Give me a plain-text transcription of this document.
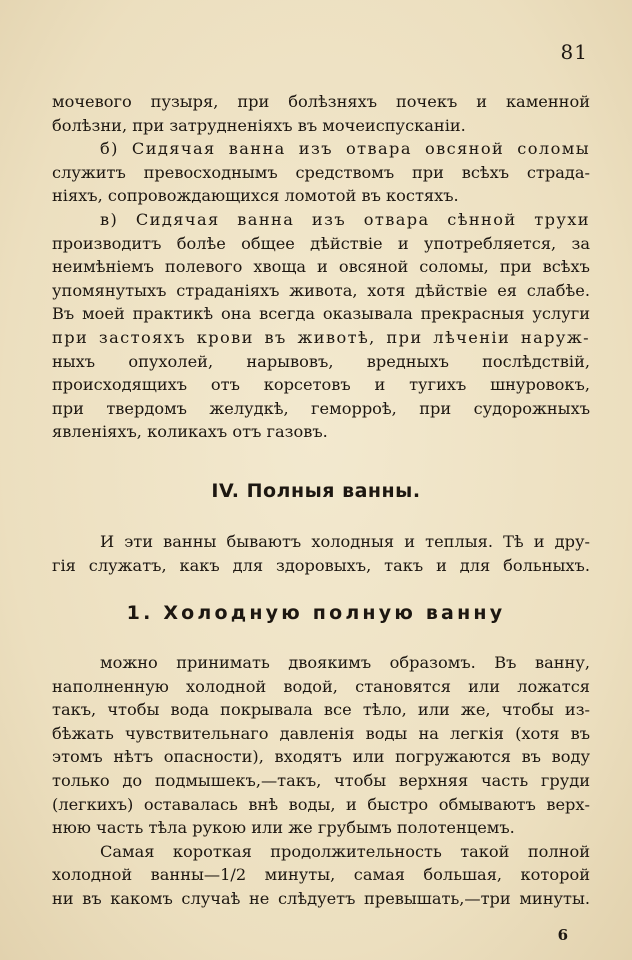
81
мочевого пузыря, при болѣзняхъ почекъ и каменной
болѣзни, при затрудненіяхъ въ мочеиспусканіи.
б) Сидячая ванна изъ отвара овсяной соломы
служитъ превосходнымъ средствомъ при всѣхъ страда-
ніяхъ, сопровождающихся ломотой въ костяхъ.
в) Сидячая ванна изъ отвара сѣнной трухи
производитъ болѣе общее дѣйствіе и употребляется, за
неимѣніемъ полевого хвоща и овсяной соломы, при всѣхъ
упомянутыхъ страданіяхъ живота, хотя дѣйствіе ея слабѣе.
Въ моей практикѣ она всегда оказывала прекрасныя услуги
при застояхъ крови въ животѣ, при лѣченіи наруж-
ныхъ опухолей, нарывовъ, вредныхъ послѣдствій,
происходящихъ отъ корсетовъ и тугихъ шнуровокъ,
при твердомъ желудкѣ, геморроѣ, при судорожныхъ
явленіяхъ, коликахъ отъ газовъ.
IV. Полныя ванны.
И эти ванны бываютъ холодныя и теплыя. Тѣ и дру-
гія служатъ, какъ для здоровыхъ, такъ и для больныхъ.
1. Холодную полную ванну
можно принимать двоякимъ образомъ. Въ ванну,
наполненную холодной водой, становятся или ложатся
такъ, чтобы вода покрывала все тѣло, или же, чтобы из-
бѣжать чувствительнаго давленія воды на легкія (хотя въ
этомъ нѣтъ опасности), входятъ или погружаются въ воду
только до подмышекъ,—такъ, чтобы верхняя часть груди
(легкихъ) оставалась внѣ воды, и быстро обмываютъ верх-
нюю часть тѣла рукою или же грубымъ полотенцемъ.
Самая короткая продолжительность такой полной
холодной ванны—1/2 минуты, самая большая, которой
ни въ какомъ случаѣ не слѣдуетъ превышать,—три минуты.
6
